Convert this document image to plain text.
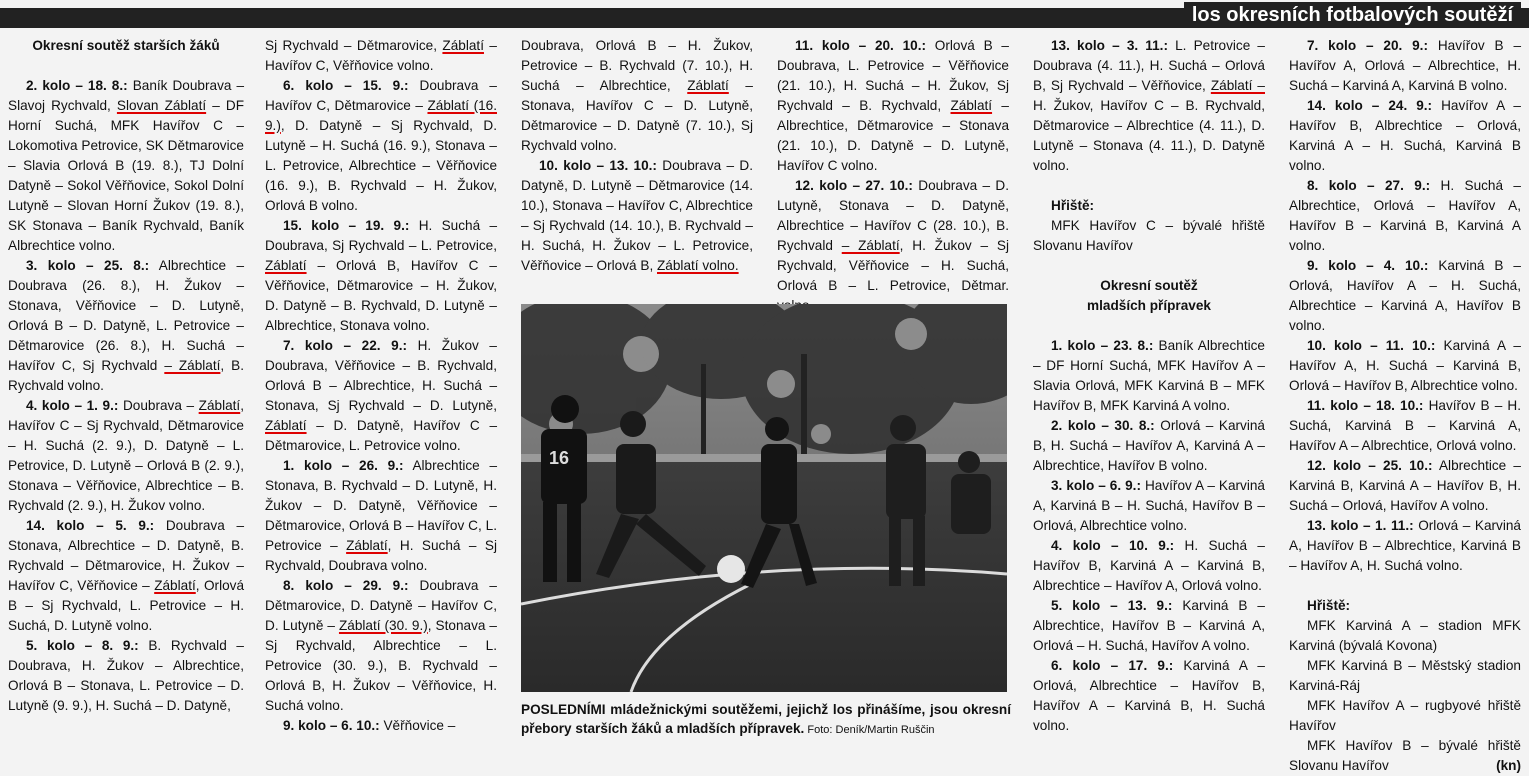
los okresních fotbalových soutěží

Okresní soutěž starších žáků

2. kolo – 18. 8.: Baník Doubrava – Slavoj Rychvald, Slovan Záblatí – DF Horní Suchá, MFK Havířov C – Lokomotiva Petrovice, SK Dětmarovice – Slavia Orlová B (19. 8.), TJ Dolní Datyně – Sokol Věřňovice, Sokol Dolní Lutyně – Slovan Horní Žukov (19. 8.), SK Stonava – Baník Rychvald, Baník Albrechtice volno.

3. kolo – 25. 8.: Albrechtice – Doubrava (26. 8.), H. Žukov – Stonava, Věřňovice – D. Lutyně, Orlová B – D. Datyně, L. Petrovice – Dětmarovice (26. 8.), H. Suchá – Havířov C, Sj Rychvald – Záblatí, B. Rychvald volno.

4. kolo – 1. 9.: Doubrava – Záblatí, Havířov C – Sj Rychvald, Dětmarovice – H. Suchá (2. 9.), D. Datyně – L. Petrovice, D. Lutyně – Orlová B (2. 9.), Stonava – Věřňovice, Albrechtice – B. Rychvald (2. 9.), H. Žukov volno.

14. kolo – 5. 9.: Doubrava – Stonava, Albrechtice – D. Datyně, B. Rychvald – Dětmarovice, H. Žukov – Havířov C, Věřňovice – Záblatí, Orlová B – Sj Rychvald, L. Petrovice – H. Suchá, D. Lutyně volno.

5. kolo – 8. 9.: B. Rychvald – Doubrava, H. Žukov – Albrechtice, Orlová B – Stonava, L. Petrovice – D. Lutyně (9. 9.), H. Suchá – D. Datyně,

Sj Rychvald – Dětmarovice, Záblatí – Havířov C, Věřňovice volno.

6. kolo – 15. 9.: Doubrava – Havířov C, Dětmarovice – Záblatí (16. 9.), D. Datyně – Sj Rychvald, D. Lutyně – H. Suchá (16. 9.), Stonava – L. Petrovice, Albrechtice – Věřňovice (16. 9.), B. Rychvald – H. Žukov, Orlová B volno.

15. kolo – 19. 9.: H. Suchá – Doubrava, Sj Rychvald – L. Petrovice, Záblatí – Orlová B, Havířov C – Věřňovice, Dětmarovice – H. Žukov, D. Datyně – B. Rychvald, D. Lutyně – Albrechtice, Stonava volno.

7. kolo – 22. 9.: H. Žukov – Doubrava, Věřňovice – B. Rychvald, Orlová B – Albrechtice, H. Suchá – Stonava, Sj Rychvald – D. Lutyně, Záblatí – D. Datyně, Havířov C – Dětmarovice, L. Petrovice volno.

1. kolo – 26. 9.: Albrechtice – Stonava, B. Rychvald – D. Lutyně, H. Žukov – D. Datyně, Věřňovice – Dětmarovice, Orlová B – Havířov C, L. Petrovice – Záblatí, H. Suchá – Sj Rychvald, Doubrava volno.

8. kolo – 29. 9.: Doubrava – Dětmarovice, D. Datyně – Havířov C, D. Lutyně – Záblatí (30. 9.), Stonava – Sj Rychvald, Albrechtice – L. Petrovice (30. 9.), B. Rychvald – Orlová B, H. Žukov – Věřňovice, H. Suchá volno.

9. kolo – 6. 10.: Věřňovice –

Doubrava, Orlová B – H. Žukov, Petrovice – B. Rychvald (7. 10.), H. Suchá – Albrechtice, Záblatí – Stonava, Havířov C – D. Lutyně, Dětmarovice – D. Datyně (7. 10.), Sj Rychvald volno.

10. kolo – 13. 10.: Doubrava – D. Datyně, D. Lutyně – Dětmarovice (14. 10.), Stonava – Havířov C, Albrechtice – Sj Rychvald (14. 10.), B. Rychvald – H. Suchá, H. Žukov – L. Petrovice, Věřňovice – Orlová B, Záblatí volno.

11. kolo – 20. 10.: Orlová B – Doubrava, L. Petrovice – Věřňovice (21. 10.), H. Suchá – H. Žukov, Sj Rychvald – B. Rychvald, Záblatí – Albrechtice, Dětmarovice – Stonava (21. 10.), D. Datyně – D. Lutyně, Havířov C volno.

12. kolo – 27. 10.: Doubrava – D. Lutyně, Stonava – D. Datyně, Albrechtice – Havířov C (28. 10.), B. Rychvald – Záblatí, H. Žukov – Sj Rychvald, Věřňovice – H. Suchá, Orlová B – L. Petrovice, Dětmar.

13. kolo – 3. 11.: L. Petrovice – Doubrava (4. 11.), H. Suchá – Orlová B, Sj Rychvald – Věřňovice, Záblatí – H. Žukov, Havířov C – B. Rychvald, Dětmarovice – Albrechtice (4. 11.), D. Lutyně – Stonava (4. 11.), D. Datyně volno.

Hřiště:

MFK Havířov C – bývalé hřiště Slovanu Havířov

Okresní soutěž

mladších přípravek

1. kolo – 23. 8.: Baník Albrechtice – DF Horní Suchá, MFK Havířov A – Slavia Orlová, MFK Karviná B – MFK Havířov B, MFK Karviná A volno.

2. kolo – 30. 8.: Orlová – Karviná B, H. Suchá – Havířov A, Karviná A – Albrechtice, Havířov B volno.

3. kolo – 6. 9.: Havířov A – Karviná A, Karviná B – H. Suchá, Havířov B – Orlová, Albrechtice volno.

4. kolo – 10. 9.: H. Suchá – Havířov B, Karviná A – Karviná B, Albrechtice – Havířov A, Orlová volno.

5. kolo – 13. 9.: Karviná B – Albrechtice, Havířov B – Karviná A, Orlová – H. Suchá, Havířov A volno.

6. kolo – 17. 9.: Karviná A – Orlová, Albrechtice – Havířov B, Havířov A – Karviná B, H. Suchá volno.

7. kolo – 20. 9.: Havířov B – Havířov A, Orlová – Albrechtice, H. Suchá – Karviná A, Karviná B volno.

14. kolo – 24. 9.: Havířov A – Havířov B, Albrechtice – Orlová, Karviná A – H. Suchá, Karviná B volno.

8. kolo – 27. 9.: H. Suchá – Albrechtice, Orlová – Havířov A, Havířov B – Karviná B, Karviná A volno.

9. kolo – 4. 10.: Karviná B – Orlová, Havířov A – H. Suchá, Albrechtice – Karviná A, Havířov B volno.

10. kolo – 11. 10.: Karviná A – Havířov A, H. Suchá – Karviná B, Orlová – Havířov B, Albrechtice volno.

11. kolo – 18. 10.: Havířov B – H. Suchá, Karviná B – Karviná A, Havířov A – Albrechtice, Orlová volno.

12. kolo – 25. 10.: Albrechtice – Karviná B, Karviná A – Havířov B, H. Suchá – Orlová, Havířov A volno.

13. kolo – 1. 11.: Orlová – Karviná A, Havířov B – Albrechtice, Karviná B – Havířov A, H. Suchá volno.

Hřiště:

MFK Karviná A – stadion MFK Karviná (bývalá Kovona)

MFK Karviná B – Městský stadion Karviná-Ráj

MFK Havířov A – rugbyové hřiště Havířov

MFK Havířov B – bývalé hřiště Slovanu Havířov	(kn)

16
POSLEDNÍMI mládežnickými soutěžemi, jejichž los přinášíme, jsou okresní přebory starších žáků a mladších přípravek. Foto: Deník/Martin Ruščin
